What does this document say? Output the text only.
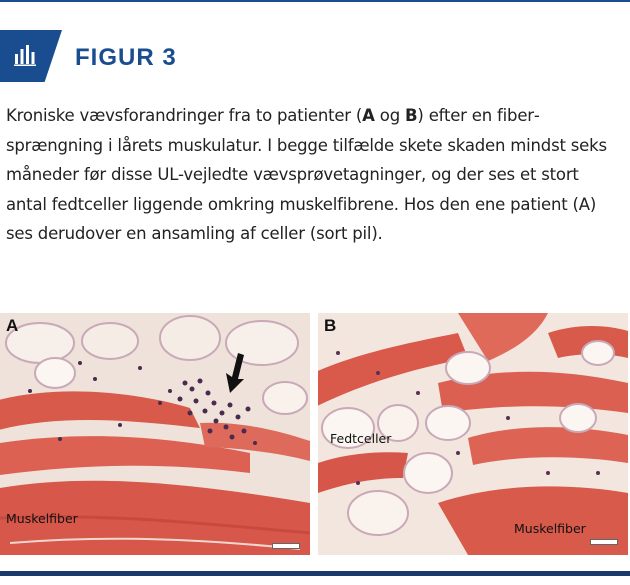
FIGUR 3
Kroniske vævsforandringer fra to patienter (A og B) efter en fibersprængning i lårets muskulatur. I begge tilfælde skete skaden mindst seks måneder før disse UL-vejledte vævsprøvetagninger, og der ses et stort antal fedtceller liggende omkring muskelfibrene. Hos den ene patient (A) ses derudover en ansamling af celler (sort pil).
A
Muskelfiber
B
Fedtceller
Muskelfiber
